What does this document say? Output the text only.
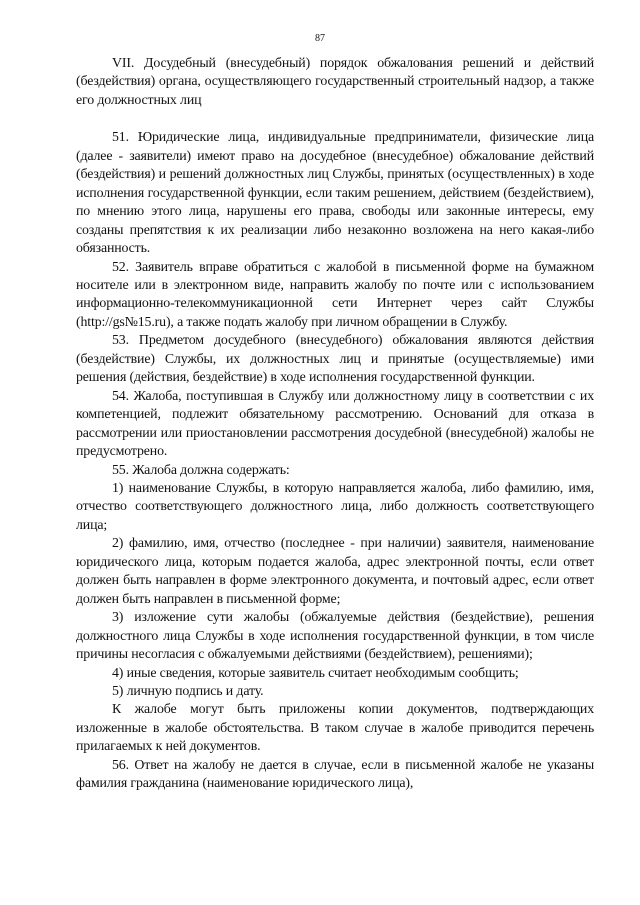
87

VII. Досудебный (внесудебный) порядок обжалования решений и действий (бездействия) органа, осуществляющего государственный строительный надзор, а также его должностных лиц

51. Юридические лица, индивидуальные предприниматели, физические лица (далее - заявители) имеют право на досудебное (внесудебное) обжалование действий (бездействия) и решений должностных лиц Службы, принятых (осуществленных) в ходе исполнения государственной функции, если таким решением, действием (бездействием), по мнению этого лица, нарушены его права, свободы или законные интересы, ему созданы препятствия к их реализации либо незаконно возложена на него какая-либо обязанность.

52. Заявитель вправе обратиться с жалобой в письменной форме на бумажном носителе или в электронном виде, направить жалобу по почте или с использованием информационно-телекоммуникационной сети Интернет через сайт Службы (http://gs№15.ru), а также подать жалобу при личном обращении в Службу.

53. Предметом досудебного (внесудебного) обжалования являются действия (бездействие) Службы, их должностных лиц и принятые (осуществляемые) ими решения (действия, бездействие) в ходе исполнения государственной функции.

54. Жалоба, поступившая в Службу или должностному лицу в соответствии с их компетенцией, подлежит обязательному рассмотрению. Оснований для отказа в рассмотрении или приостановлении рассмотрения досудебной (внесудебной) жалобы не предусмотрено.

55. Жалоба должна содержать:

1) наименование Службы, в которую направляется жалоба, либо фамилию, имя, отчество соответствующего должностного лица, либо должность соответствующего лица;

2) фамилию, имя, отчество (последнее - при наличии) заявителя, наименование юридического лица, которым подается жалоба, адрес электронной почты, если ответ должен быть направлен в форме электронного документа, и почтовый адрес, если ответ должен быть направлен в письменной форме;

3) изложение сути жалобы (обжалуемые действия (бездействие), решения должностного лица Службы в ходе исполнения государственной функции, в том числе причины несогласия с обжалуемыми действиями (бездействием), решениями);

4) иные сведения, которые заявитель считает необходимым сообщить;

5) личную подпись и дату.

К жалобе могут быть приложены копии документов, подтверждающих изложенные в жалобе обстоятельства. В таком случае в жалобе приводится перечень прилагаемых к ней документов.

56. Ответ на жалобу не дается в случае, если в письменной жалобе не указаны фамилия гражданина (наименование юридического лица),
